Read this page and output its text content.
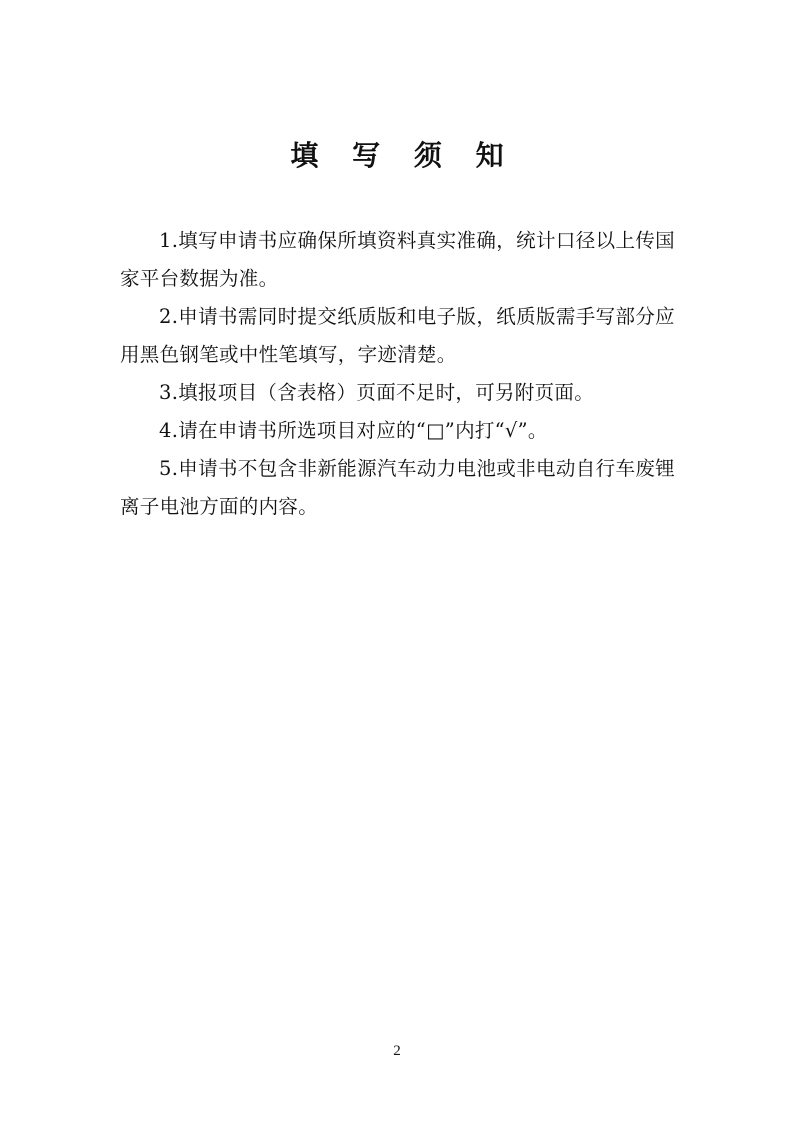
填 写 须 知

1.填写申请书应确保所填资料真实准确，统计口径以上传国家平台数据为准。

2.申请书需同时提交纸质版和电子版，纸质版需手写部分应用黑色钢笔或中性笔填写，字迹清楚。

3.填报项目（含表格）页面不足时，可另附页面。

4.请在申请书所选项目对应的“□”内打“√”。

5.申请书不包含非新能源汽车动力电池或非电动自行车废锂离子电池方面的内容。

2
